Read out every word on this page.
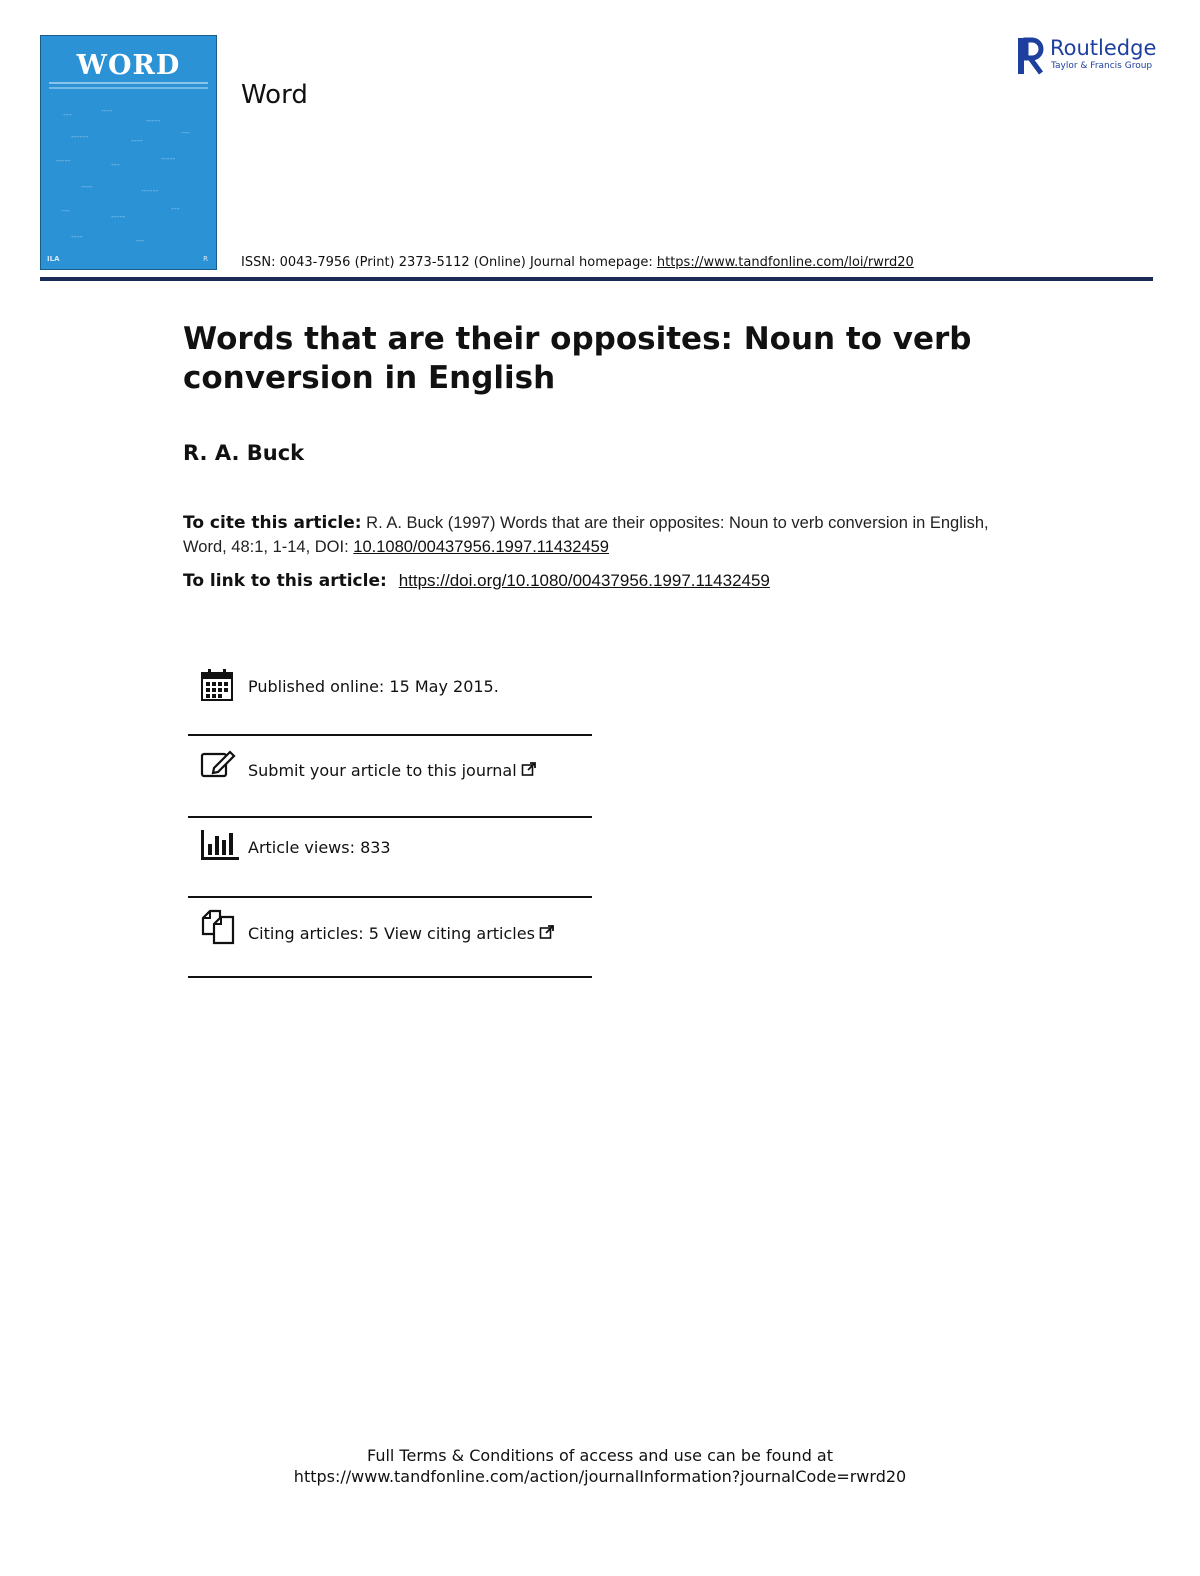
WORD
---	----
-----
------	----
---
-----	---
-----
----	------
---
-----
---
----	---
ILA	R
Word
ISSN: 0043-7956 (Print) 2373-5112 (Online) Journal homepage: https://www.tandfonline.com/loi/rwrd20
Routledge
Taylor & Francis Group
Words that are their opposites: Noun to verb conversion in English
R. A. Buck
To cite this article: R. A. Buck (1997) Words that are their opposites: Noun to verb conversion in English, Word, 48:1, 1-14, DOI: 10.1080/00437956.1997.11432459
To link to this article: https://doi.org/10.1080/00437956.1997.11432459
Published online: 15 May 2015.
Submit your article to this journal
Article views: 833
Citing articles: 5 View citing articles
Full Terms & Conditions of access and use can be found at
https://www.tandfonline.com/action/journalInformation?journalCode=rwrd20
